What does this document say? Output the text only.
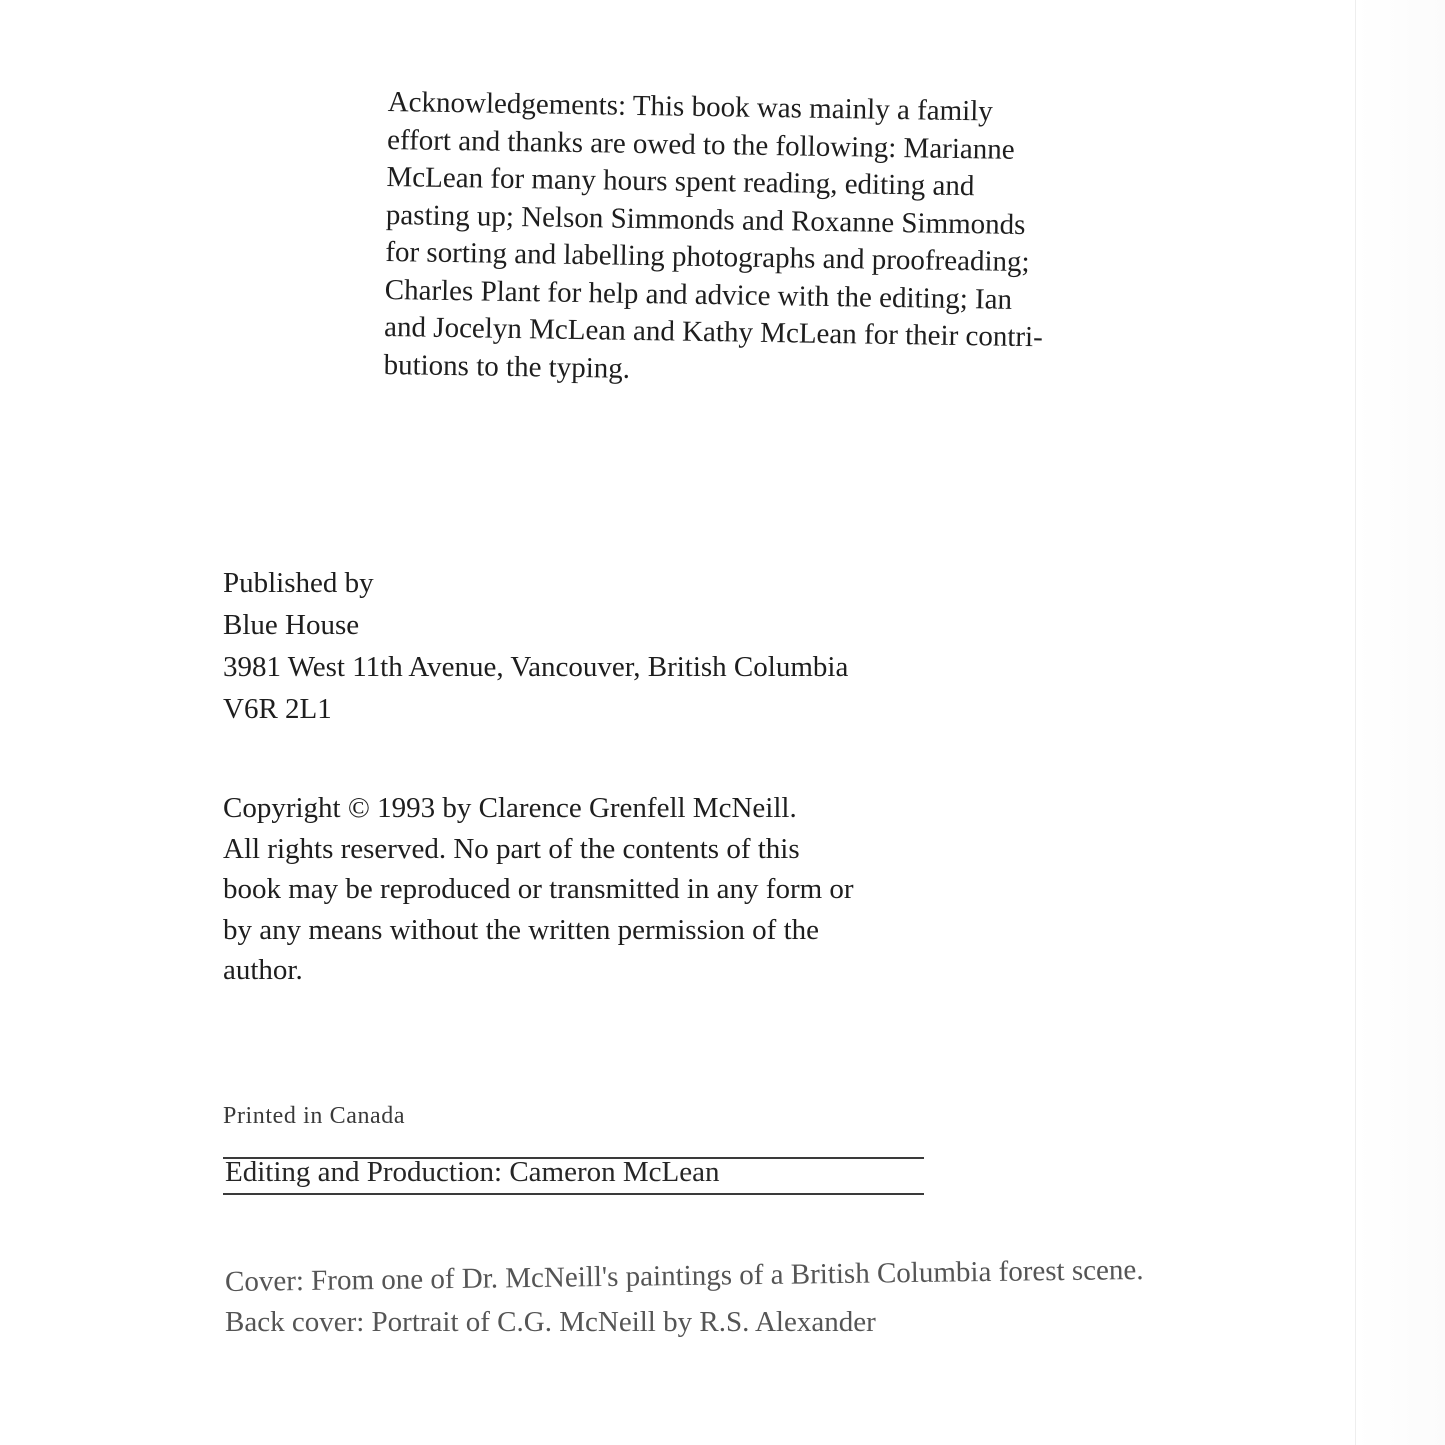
Acknowledgements: This book was mainly a family
effort and thanks are owed to the following: Marianne
McLean for many hours spent reading, editing and
pasting up; Nelson Simmonds and Roxanne Simmonds
for sorting and labelling photographs and proofreading;
Charles Plant for help and advice with the editing; Ian
and Jocelyn McLean and Kathy McLean for their contri-
butions to the typing.
Published by
Blue House
3981 West 11th Avenue, Vancouver, British Columbia
V6R 2L1
Copyright © 1993 by Clarence Grenfell McNeill.
All rights reserved. No part of the contents of this
book may be reproduced or transmitted in any form or
by any means without the written permission of the
author.
Printed in Canada
Editing and Production: Cameron McLean
Cover: From one of Dr. McNeill's paintings of a British Columbia forest scene.
Back cover: Portrait of C.G. McNeill by R.S. Alexander
